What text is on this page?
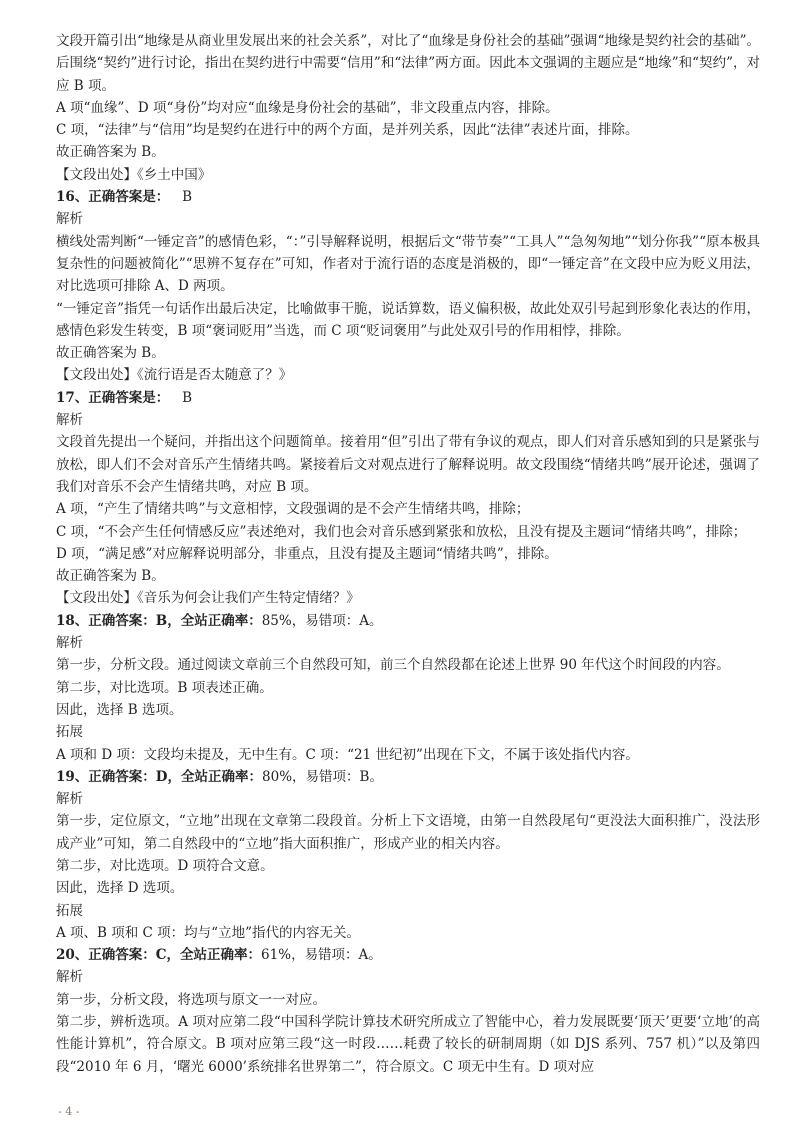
文段开篇引出“地缘是从商业里发展出来的社会关系”，对比了“血缘是身份社会的基础”强调“地缘是契约社会的基础”。后围绕“契约”进行讨论，指出在契约进行中需要“信用”和“法律”两方面。因此本文强调的主题应是“地缘”和“契约”，对应 B 项。

A 项“血缘”、D 项“身份”均对应“血缘是身份社会的基础”，非文段重点内容，排除。

C 项，“法律”与“信用”均是契约在进行中的两个方面，是并列关系，因此“法律”表述片面，排除。

故正确答案为 B。

【文段出处】《乡土中国》

16、正确答案是： B

解析

横线处需判断“一锤定音”的感情色彩，“：”引导解释说明，根据后文“带节奏”“工具人”“急匆匆地”“划分你我”“原本极具复杂性的问题被简化”“思辨不复存在”可知，作者对于流行语的态度是消极的，即“一锤定音”在文段中应为贬义用法，对比选项可排除 A、D 两项。

“一锤定音”指凭一句话作出最后决定，比喻做事干脆，说话算数，语义偏积极，故此处双引号起到形象化表达的作用，感情色彩发生转变，B 项“褒词贬用”当选，而 C 项“贬词褒用”与此处双引号的作用相悖，排除。

故正确答案为 B。

【文段出处】《流行语是否太随意了？》

17、正确答案是： B

解析

文段首先提出一个疑问，并指出这个问题简单。接着用“但”引出了带有争议的观点，即人们对音乐感知到的只是紧张与放松，即人们不会对音乐产生情绪共鸣。紧接着后文对观点进行了解释说明。故文段围绕“情绪共鸣”展开论述，强调了我们对音乐不会产生情绪共鸣，对应 B 项。

A 项，“产生了情绪共鸣”与文意相悖，文段强调的是不会产生情绪共鸣，排除；

C 项，“不会产生任何情感反应”表述绝对，我们也会对音乐感到紧张和放松，且没有提及主题词“情绪共鸣”，排除；

D 项，“满足感”对应解释说明部分，非重点，且没有提及主题词“情绪共鸣”，排除。

故正确答案为 B。

【文段出处】《音乐为何会让我们产生特定情绪？》

18、正确答案：B，全站正确率：85%，易错项：A。

解析

第一步，分析文段。通过阅读文章前三个自然段可知，前三个自然段都在论述上世界 90 年代这个时间段的内容。

第二步，对比选项。B 项表述正确。

因此，选择 B 选项。

拓展

A 项和 D 项：文段均未提及，无中生有。C 项：“21 世纪初”出现在下文，不属于该处指代内容。

19、正确答案：D，全站正确率：80%，易错项：B。

解析

第一步，定位原文，“立地”出现在文章第二段段首。分析上下文语境，由第一自然段尾句“更没法大面积推广，没法形成产业”可知，第二自然段中的“立地”指大面积推广，形成产业的相关内容。

第二步，对比选项。D 项符合文意。

因此，选择 D 选项。

拓展

A 项、B 项和 C 项：均与“立地”指代的内容无关。

20、正确答案：C，全站正确率：61%，易错项：A。

解析

第一步，分析文段，将选项与原文一一对应。

第二步，辨析选项。A 项对应第二段“中国科学院计算技术研究所成立了智能中心，着力发展既要‘顶天’更要‘立地’的高性能计算机”，符合原文。B 项对应第三段“这一时段……耗费了较长的研制周期（如 DJS 系列、757 机）”以及第四段“2010 年 6 月，‘曙光 6000’系统排名世界第二”，符合原文。C 项无中生有。D 项对应

- 4 -
